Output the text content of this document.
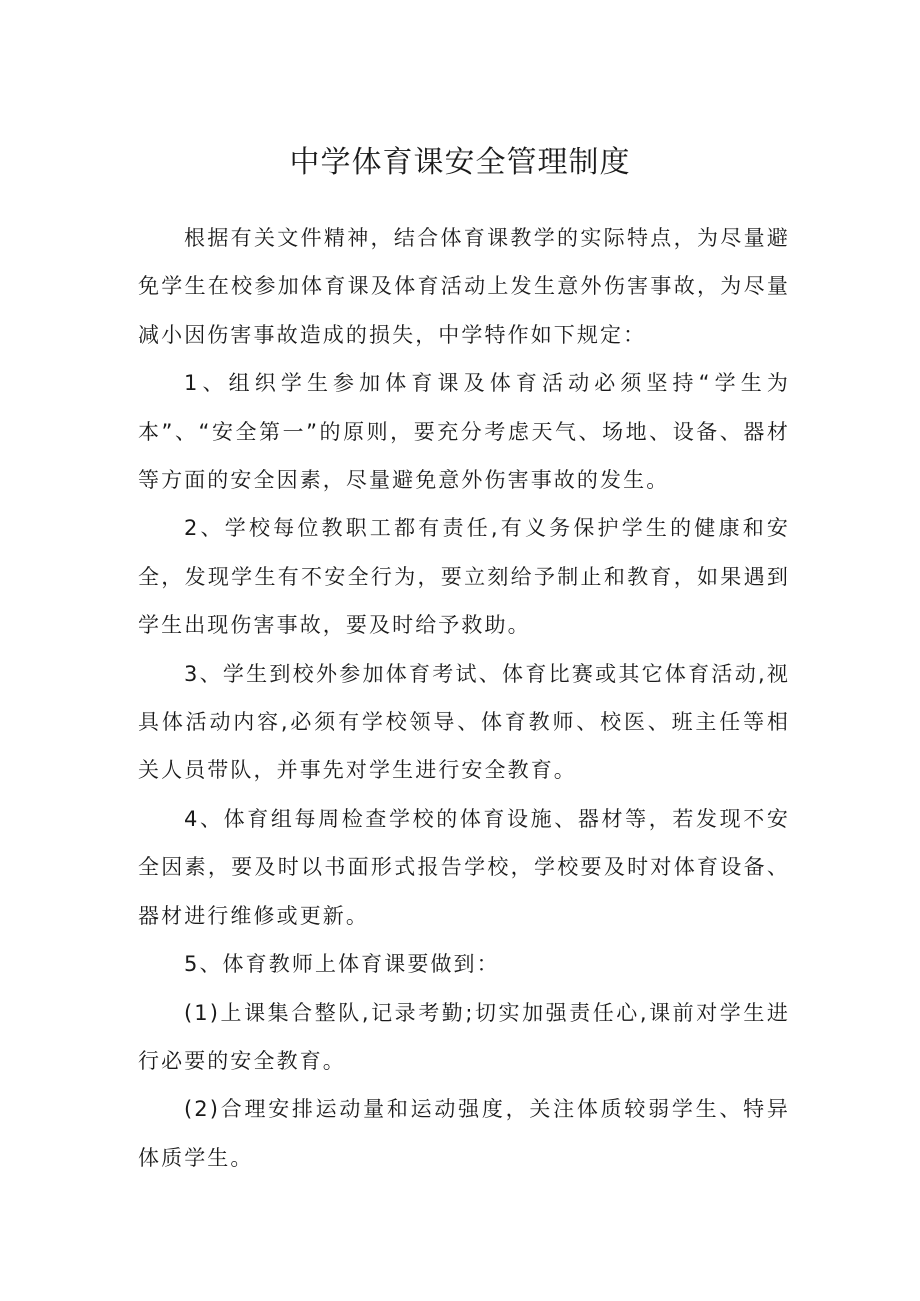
中学体育课安全管理制度

根据有关文件精神，结合体育课教学的实际特点，为尽量避免学生在校参加体育课及体育活动上发生意外伤害事故，为尽量减小因伤害事故造成的损失，中学特作如下规定：

1、组织学生参加体育课及体育活动必须坚持“学生为本”、“安全第一”的原则，要充分考虑天气、场地、设备、器材等方面的安全因素，尽量避免意外伤害事故的发生。

2、学校每位教职工都有责任,有义务保护学生的健康和安全，发现学生有不安全行为，要立刻给予制止和教育，如果遇到学生出现伤害事故，要及时给予救助。

3、学生到校外参加体育考试、体育比赛或其它体育活动,视具体活动内容,必须有学校领导、体育教师、校医、班主任等相关人员带队，并事先对学生进行安全教育。

4、体育组每周检查学校的体育设施、器材等，若发现不安全因素，要及时以书面形式报告学校，学校要及时对体育设备、器材进行维修或更新。

5、体育教师上体育课要做到：

(1)上课集合整队,记录考勤;切实加强责任心,课前对学生进行必要的安全教育。

(2)合理安排运动量和运动强度，关注体质较弱学生、特异体质学生。
